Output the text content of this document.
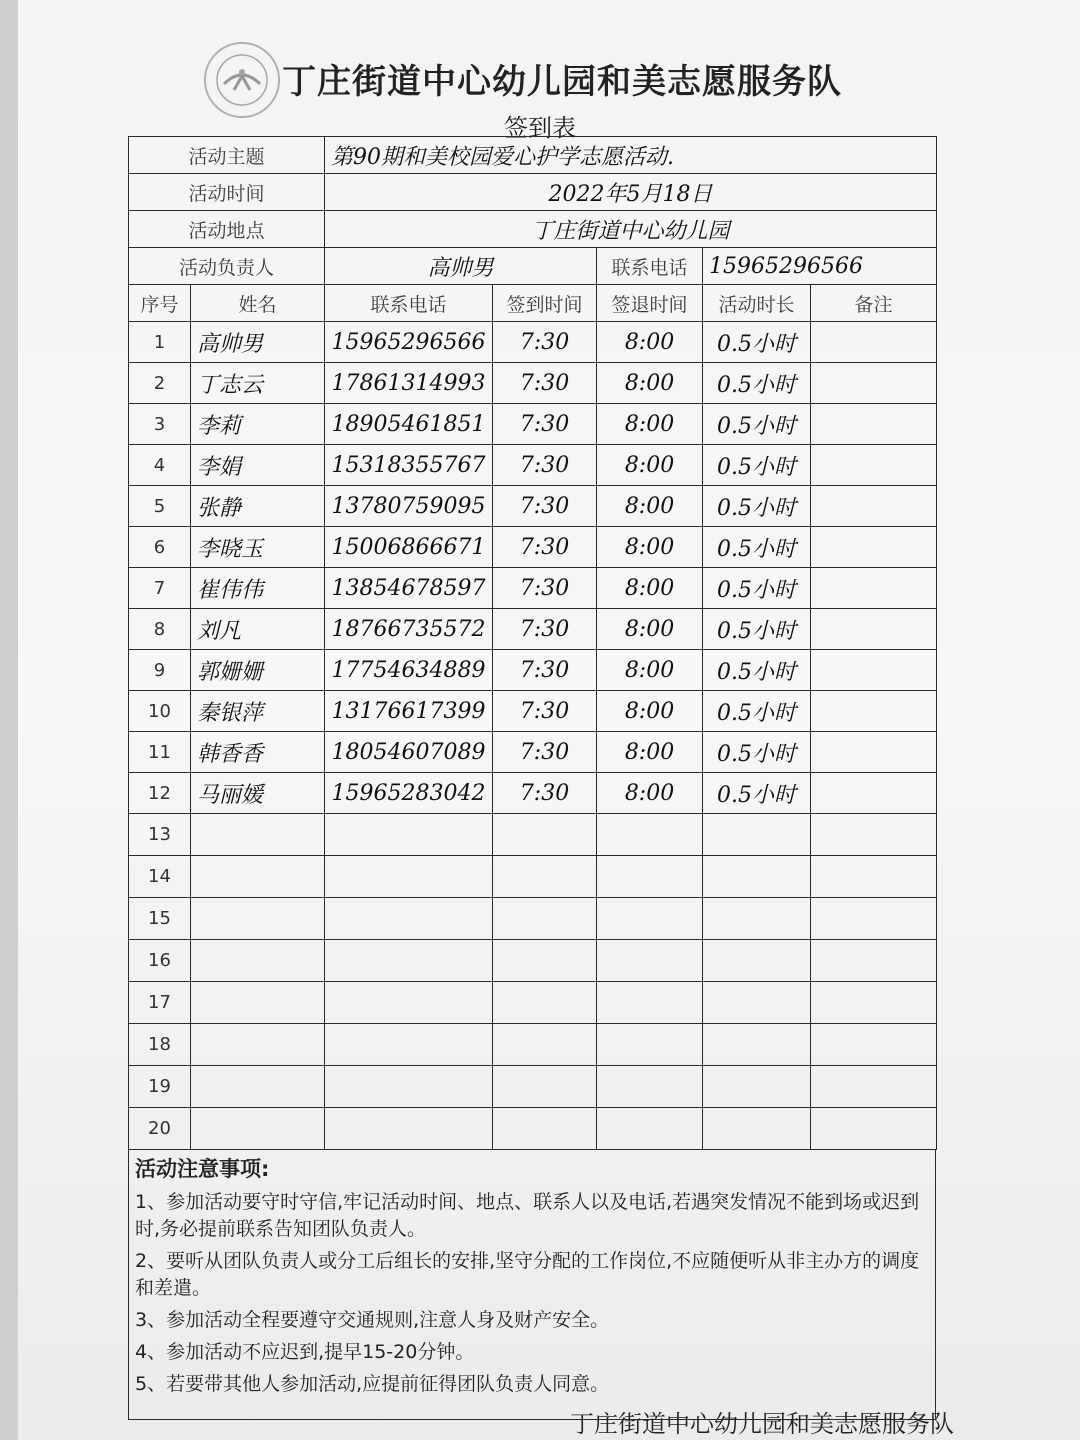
丁庄街道中心幼儿园和美志愿服务队
签到表
活动主题		第90期和美校园爱心护学志愿活动.				
活动时间		2022年5月18日				
活动地点		丁庄街道中心幼儿园				
活动负责人		高帅男		联系电话	15965296566	
序号	姓名	联系电话	签到时间	签退时间	活动时长	备注
1	高帅男	15965296566	7:30	8:00	0.5小时	
2	丁志云	17861314993	7:30	8:00	0.5小时	
3	李莉	18905461851	7:30	8:00	0.5小时	
4	李娟	15318355767	7:30	8:00	0.5小时	
5	张静	13780759095	7:30	8:00	0.5小时	
6	李晓玉	15006866671	7:30	8:00	0.5小时	
7	崔伟伟	13854678597	7:30	8:00	0.5小时	
8	刘凡	18766735572	7:30	8:00	0.5小时	
9	郭姗姗	17754634889	7:30	8:00	0.5小时	
10	秦银萍	13176617399	7:30	8:00	0.5小时	
11	韩香香	18054607089	7:30	8:00	0.5小时	
12	马丽媛	15965283042	7:30	8:00	0.5小时	
13						
14						
15						
16						
17						
18						
19						
20						
活动注意事项:

1、参加活动要守时守信,牢记活动时间、地点、联系人以及电话,若遇突发情况不能到场或迟到时,务必提前联系告知团队负责人。

2、要听从团队负责人或分工后组长的安排,坚守分配的工作岗位,不应随便听从非主办方的调度和差遣。

3、参加活动全程要遵守交通规则,注意人身及财产安全。

4、参加活动不应迟到,提早15-20分钟。

5、若要带其他人参加活动,应提前征得团队负责人同意。

丁庄街道中心幼儿园和美志愿服务队
